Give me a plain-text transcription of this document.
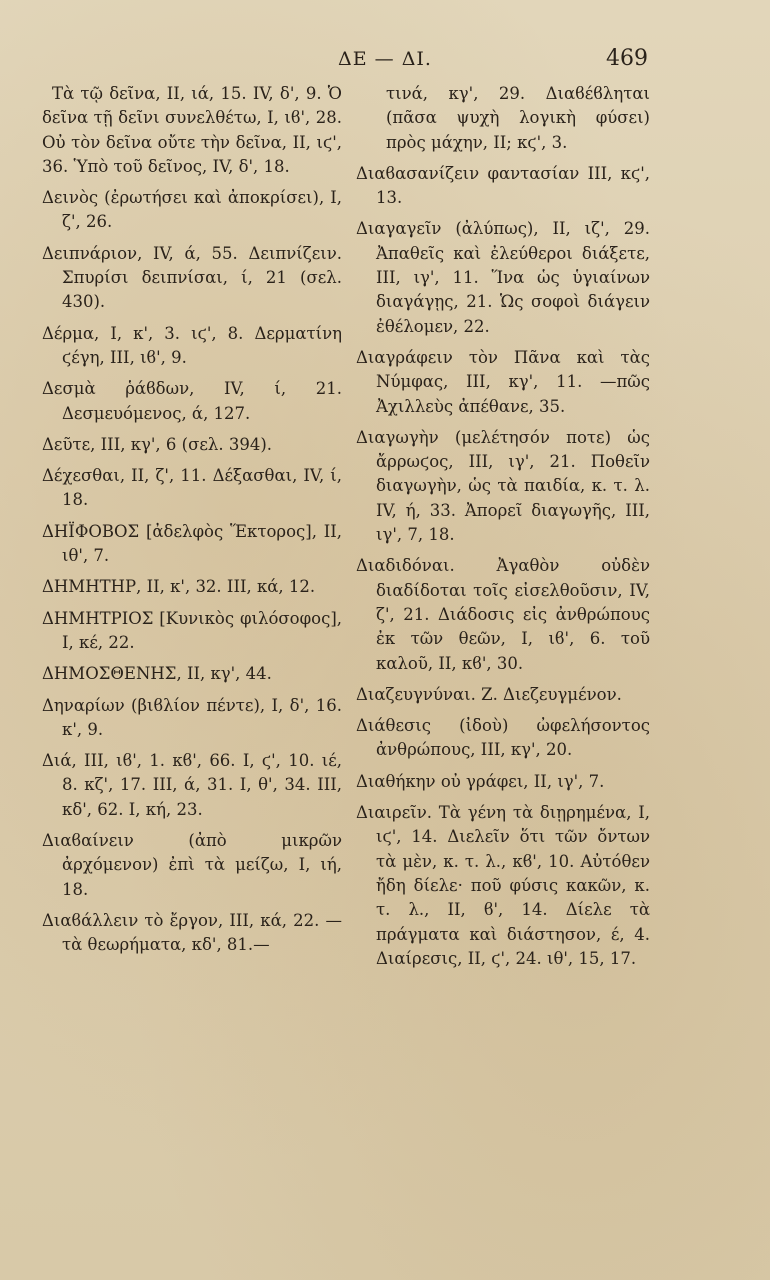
ΔΕ — ΔΙ.	469

Τὰ τῷ δεῖνα, II, ιά, 15. IV, δ', 9. Ὁ δεῖνα τῇ δεῖνι συνελθέτω, I, ιϐ', 28. Οὐ τὸν δεῖνα οὔτε τὴν δεῖνα, II, ιϛ', 36. Ὑπὸ τοῦ δεῖνος, IV, δ', 18.

Δεινὸς (ἐρωτήσει καὶ ἀποκρίσει), I, ζ', 26.

Δειπνάριον, IV, ά, 55. Δειπνίζειν. Σπυρίσι δειπνίσαι, ί, 21 (σελ. 430).

Δέρμα, I, κ', 3. ιϛ', 8. Δερματίνη ϛέγη, III, ιϐ', 9.

Δεσμὰ ῥάϐδων, IV, ί, 21. Δεσμευόμενος, ά, 127.

Δεῦτε, III, κγ', 6 (σελ. 394).

Δέχεσθαι, II, ζ', 11. Δέξασθαι, IV, ί, 18.

ΔΗΪΦΟΒΟΣ [ἀδελφὸς Ἕκτορος], II, ιθ', 7.

ΔΗΜΗΤΗΡ, II, κ', 32. III, κά, 12.

ΔΗΜΗΤΡΙΟΣ [Κυνικὸς φιλόσοφος], I, κέ, 22.

ΔΗΜΟΣΘΕΝΗΣ, II, κγ', 44.

Δηναρίων (βιϐλίον πέντε), I, δ', 16. κ', 9.

Διά, III, ιϐ', 1. κϐ', 66. I, ϛ', 10. ιέ, 8. κζ', 17. III, ά, 31. I, θ', 34. III, κδ', 62. I, κή, 23.

Διαϐαίνειν (ἀπὸ μικρῶν ἀρχόμενον) ἐπὶ τὰ μείζω, I, ιή, 18.

Διαϐάλλειν τὸ ἔργον, III, κά, 22. —τὰ θεωρήματα, κδ', 81.—

τινά, κγ', 29. Διαϐέϐληται (πᾶσα ψυχὴ λογικὴ φύσει) πρὸς μάχην, II; κϛ', 3.

Διαϐασανίζειν φαντασίαν III, κϛ', 13.

Διαγαγεῖν (ἀλύπως), II, ιζ', 29. Ἀπαθεῖς καὶ ἐλεύθεροι διάξετε, III, ιγ', 11. Ἵνα ὡς ὑγιαίνων διαγάγῃς, 21. Ὡς σοφοὶ διάγειν ἐθέλομεν, 22.

Διαγράφειν τὸν Πᾶνα καὶ τὰς Νύμφας, III, κγ', 11. —πῶς Ἀχιλλεὺς ἀπέθανε, 35.

Διαγωγὴν (μελέτησόν ποτε) ὡς ἄρρωϛος, III, ιγ', 21. Ποθεῖν διαγωγὴν, ὡς τὰ παιδία, κ. τ. λ. IV, ή, 33. Ἀπορεῖ διαγωγῆς, III, ιγ', 7, 18.

Διαδιδόναι. Ἀγαθὸν οὐδὲν διαδίδοται τοῖς εἰσελθοῦσιν, IV, ζ', 21. Διάδοσις εἰς ἀνθρώπους ἐκ τῶν θεῶν, I, ιϐ', 6. τοῦ καλοῦ, II, κϐ', 30.

Διαζευγνύναι. Ζ. Διεζευγμένον.

Διάθεσις (ἰδοὺ) ὠφελήσοντος ἀνθρώπους, III, κγ', 20.

Διαθήκην οὐ γράφει, II, ιγ', 7.

Διαιρεῖν. Τὰ γένη τὰ διῃρημένα, I, ιϛ', 14. Διελεῖν ὅτι τῶν ὄντων τὰ μὲν, κ. τ. λ., κϐ', 10. Αὐτόθεν ἤδη δίελε· ποῦ φύσις κακῶν, κ. τ. λ., II, ϐ', 14. Δίελε τὰ πράγματα καὶ διάστησον, έ, 4. Διαίρεσις, II, ϛ', 24. ιθ', 15, 17.
